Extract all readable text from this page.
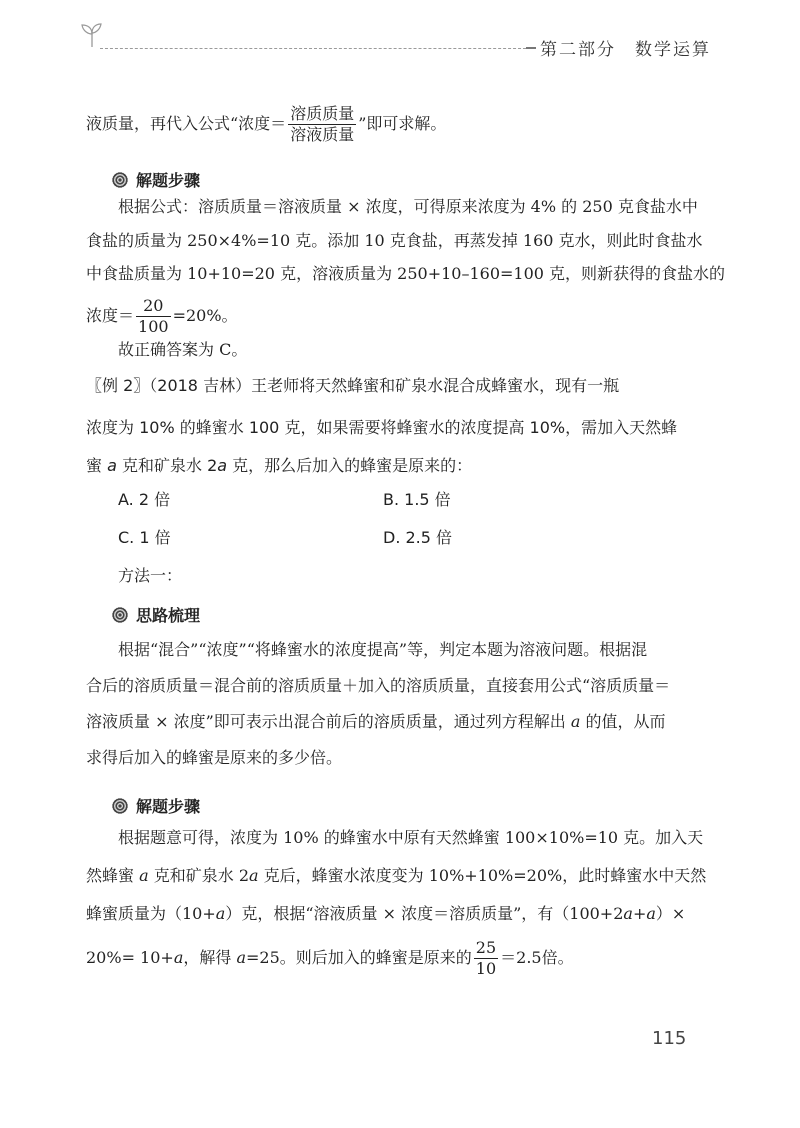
第二部分　数学运算
液质量，再代入公式“浓度＝ $\frac{\text{溶质质量}}{\text{溶液质量}}$ ”即可求解。
解题步骤
根据公式：溶质质量＝溶液质量 × 浓度，可得原来浓度为 4% 的 250 克食盐水中
食盐的质量为 250×4%=10 克。添加 10 克食盐，再蒸发掉 160 克水，则此时食盐水
中食盐质量为 10+10=20 克，溶液质量为 250+10–160=100 克，则新获得的食盐水的
浓度＝ $\frac{20}{100} =20\%$。
故正确答案为 C。
〖例 2〗（2018 吉林）王老师将天然蜂蜜和矿泉水混合成蜂蜜水，现有一瓶
浓度为 10% 的蜂蜜水 100 克，如果需要将蜂蜜水的浓度提高 10%，需加入天然蜂
蜜 a 克和矿泉水 2a 克，那么后加入的蜂蜜是原来的：
A. 2 倍	B. 1.5 倍
C. 1 倍	D. 2.5 倍
方法一：
思路梳理
根据“混合”“浓度”“将蜂蜜水的浓度提高”等，判定本题为溶液问题。根据混
合后的溶质质量＝混合前的溶质质量＋加入的溶质质量，直接套用公式“溶质质量＝
溶液质量 × 浓度”即可表示出混合前后的溶质质量，通过列方程解出 a 的值，从而
求得后加入的蜂蜜是原来的多少倍。
解题步骤
根据题意可得，浓度为 10% 的蜂蜜水中原有天然蜂蜜 100×10%=10 克。加入天
然蜂蜜 a 克和矿泉水 2a 克后，蜂蜜水浓度变为 10%+10%=20%，此时蜂蜜水中天然
蜂蜜质量为（10+a）克，根据“溶液质量 × 浓度＝溶质质量”，有（100+2a+a）×
20%= 10+a，解得 a=25。则后加入的蜂蜜是原来的 $\frac{25}{10} =2.5$倍。
115
